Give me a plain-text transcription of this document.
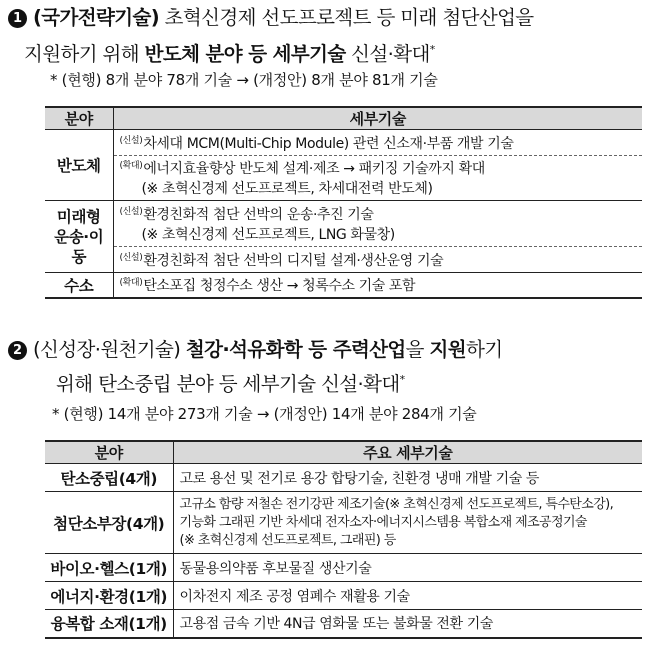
1 (국가전략기술) 초혁신경제 선도프로젝트 등 미래 첨단산업을
지원하기 위해 반도체 분야 등 세부기술 신설·확대*
* (현행) 8개 분야 78개 기술 → (개정안) 8개 분야 81개 기술
분야	세부기술
반도체	$^{(신설)}$차세대 MCM(Multi-Chip Module) 관련 신소재·부품 개발 기술
	$^{(확대)}$에너지효율향상 반도체 설계·제조 → 패키징 기술까지 확대
(※ 초혁신경제 선도프로젝트, 차세대전력 반도체)

미래형 운송·이동	$^{(신설)}$환경친화적 첨단 선박의 운송·추진 기술
(※ 초혁신경제 선도프로젝트, LNG 화물창)

	$^{(신설)}$환경친화적 첨단 선박의 디지털 설계·생산운영 기술
수소	$^{(확대)}$탄소포집 청정수소 생산 → 청록수소 기술 포함
2 (신성장·원천기술) 철강·석유화학 등 주력산업을 지원하기
위해 탄소중립 분야 등 세부기술 신설·확대*
* (현행) 14개 분야 273개 기술 → (개정안) 14개 분야 284개 기술
분야	주요 세부기술
탄소중립(4개)	고로 용선 및 전기로 용강 합탕기술, 친환경 냉매 개발 기술 등
첨단소부장(4개)	고규소 함량 저철손 전기강판 제조기술(※ 초혁신경제 선도프로젝트, 특수탄소강),
기능화 그래핀 기반 차세대 전자소자·에너지시스템용 복합소재 제조공정기술
(※ 초혁신경제 선도프로젝트, 그래핀) 등

바이오·헬스(1개)	동물용의약품 후보물질 생산기술
에너지·환경(1개)	이차전지 제조 공정 염폐수 재활용 기술
융복합 소재(1개)	고용점 금속 기반 4N급 염화물 또는 불화물 전환 기술
